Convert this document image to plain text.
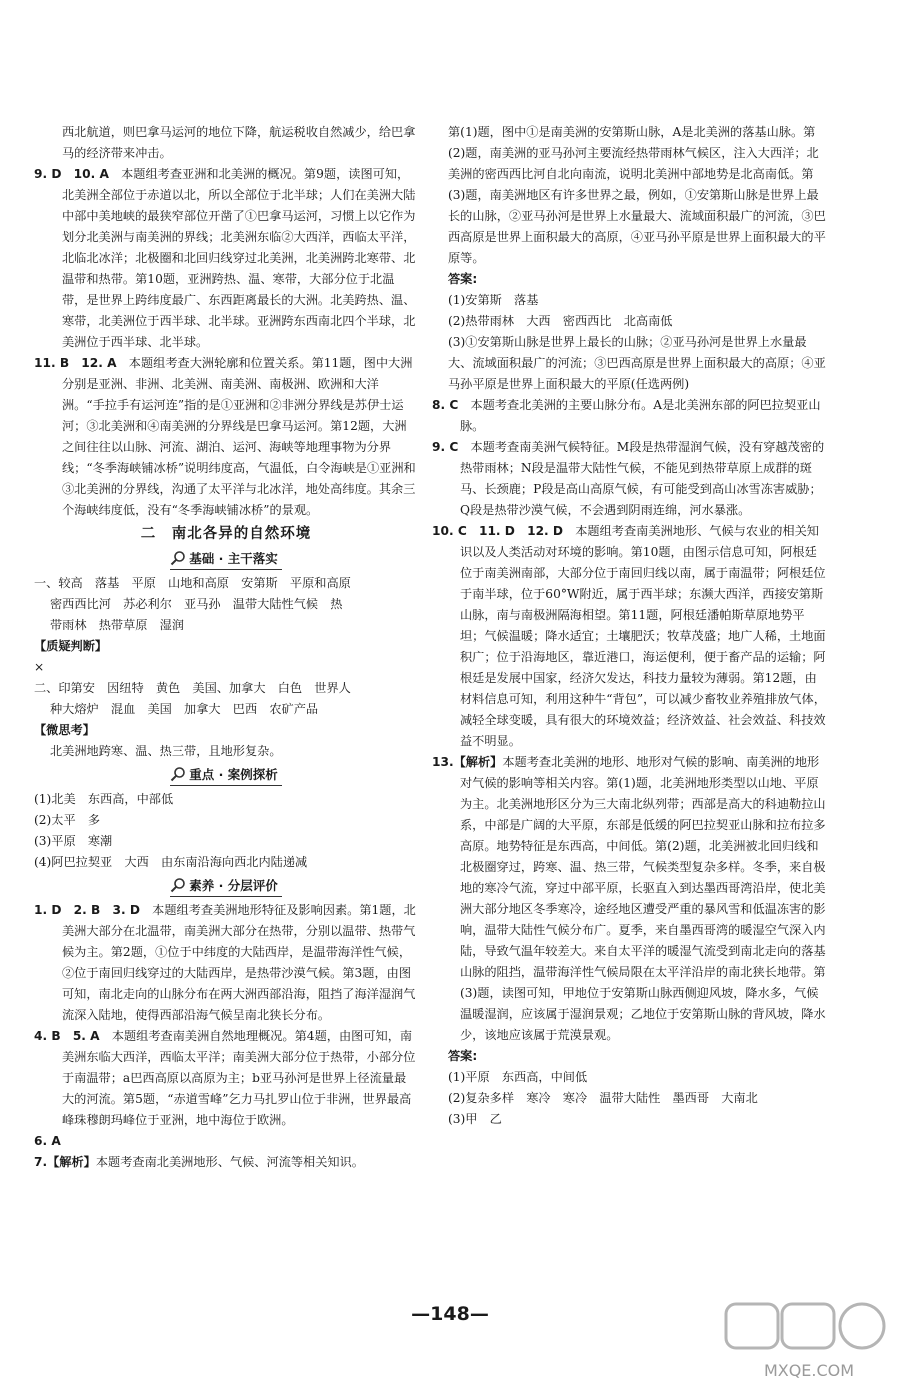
西北航道，则巴拿马运河的地位下降，航运税收自然减少，给巴拿马的经济带来冲击。

9. D　10. A　 本题组考查亚洲和北美洲的概况。第9题，读图可知，北美洲全部位于赤道以北，所以全部位于北半球；人们在美洲大陆中部中美地峡的最狭窄部位开凿了①巴拿马运河，习惯上以它作为划分北美洲与南美洲的界线；北美洲东临②大西洋，西临太平洋，北临北冰洋；北极圈和北回归线穿过北美洲，北美洲跨北寒带、北温带和热带。第10题，亚洲跨热、温、寒带，大部分位于北温带，是世界上跨纬度最广、东西距离最长的大洲。北美跨热、温、寒带，北美洲位于西半球、北半球。亚洲跨东西南北四个半球，北美洲位于西半球、北半球。

11. B　12. A　 本题组考查大洲轮廓和位置关系。第11题，图中大洲分别是亚洲、非洲、北美洲、南美洲、南极洲、欧洲和大洋洲。“手拉手有运河连”指的是①亚洲和②非洲分界线是苏伊士运河；③北美洲和④南美洲的分界线是巴拿马运河。第12题，大洲之间往往以山脉、河流、湖泊、运河、海峡等地理事物为分界线；“冬季海峡铺冰桥”说明纬度高，气温低，白令海峡是①亚洲和③北美洲的分界线，沟通了太平洋与北冰洋，地处高纬度。其余三个海峡纬度低，没有“冬季海峡铺冰桥”的景观。

二　南北各异的自然环境
基础 · 主干落实

一、较高　落基　平原　山地和高原　安第斯　平原和高原

密西西比河　苏必利尔　亚马孙　温带大陆性气候　热

带雨林　热带草原　湿润

【质疑判断】

×

二、印第安　因纽特　黄色　美国、加拿大　白色　世界人

种大熔炉　混血　美国　加拿大　巴西　农矿产品

【微思考】

北美洲地跨寒、温、热三带，且地形复杂。

重点 · 案例探析

(1)北美　东西高，中部低

(2)太平　多

(3)平原　寒潮

(4)阿巴拉契亚　大西　由东南沿海向西北内陆递减

素养 · 分层评价

1. D　2. B　3. D　 本题组考查美洲地形特征及影响因素。第1题，北美洲大部分在北温带，南美洲大部分在热带，分别以温带、热带气候为主。第2题，①位于中纬度的大陆西岸，是温带海洋性气候，②位于南回归线穿过的大陆西岸，是热带沙漠气候。第3题，由图可知，南北走向的山脉分布在两大洲西部沿海，阻挡了海洋湿润气流深入陆地，使得西部沿海气候呈南北狭长分布。

4. B　5. A　 本题组考查南美洲自然地理概况。第4题，由图可知，南美洲东临大西洋，西临太平洋；南美洲大部分位于热带，小部分位于南温带；a巴西高原以高原为主；b亚马孙河是世界上径流量最大的河流。第5题，“赤道雪峰”乞力马扎罗山位于非洲，世界最高峰珠穆朗玛峰位于亚洲，地中海位于欧洲。

6. A

7.【解析】本题考查南北美洲地形、气候、河流等相关知识。

第(1)题，图中①是南美洲的安第斯山脉，A是北美洲的落基山脉。第(2)题，南美洲的亚马孙河主要流经热带雨林气候区，注入大西洋；北美洲的密西西比河自北向南流，说明北美洲中部地势是北高南低。第(3)题，南美洲地区有许多世界之最，例如，①安第斯山脉是世界上最长的山脉，②亚马孙河是世界上水量最大、流域面积最广的河流，③巴西高原是世界上面积最大的高原，④亚马孙平原是世界上面积最大的平原等。

答案:

(1)安第斯　落基

(2)热带雨林　大西　密西西比　北高南低

(3)①安第斯山脉是世界上最长的山脉；②亚马孙河是世界上水量最大、流域面积最广的河流；③巴西高原是世界上面积最大的高原；④亚马孙平原是世界上面积最大的平原(任选两例)

8. C　 本题考查北美洲的主要山脉分布。A是北美洲东部的阿巴拉契亚山脉。

9. C　 本题考查南美洲气候特征。M段是热带湿润气候，没有穿越茂密的热带雨林；N段是温带大陆性气候，不能见到热带草原上成群的斑马、长颈鹿；P段是高山高原气候，有可能受到高山冰雪冻害威胁；Q段是热带沙漠气候，不会遇到阴雨连绵，河水暴涨。

10. C　11. D　12. D　 本题组考查南美洲地形、气候与农业的相关知识以及人类活动对环境的影响。第10题，由图示信息可知，阿根廷位于南美洲南部，大部分位于南回归线以南，属于南温带；阿根廷位于南半球，位于60°W附近，属于西半球；东濒大西洋，西接安第斯山脉，南与南极洲隔海相望。第11题，阿根廷潘帕斯草原地势平坦；气候温暖；降水适宜；土壤肥沃；牧草茂盛；地广人稀，土地面积广；位于沿海地区，靠近港口，海运便利，便于畜产品的运输；阿根廷是发展中国家，经济欠发达，科技力量较为薄弱。第12题，由材料信息可知，利用这种牛“背包”，可以减少畜牧业养殖排放气体，减轻全球变暖，具有很大的环境效益；经济效益、社会效益、科技效益不明显。

13.【解析】本题考查北美洲的地形、地形对气候的影响、南美洲的地形对气候的影响等相关内容。第(1)题，北美洲地形类型以山地、平原为主。北美洲地形区分为三大南北纵列带；西部是高大的科迪勒拉山系，中部是广阔的大平原，东部是低缓的阿巴拉契亚山脉和拉布拉多高原。地势特征是东西高，中间低。第(2)题，北美洲被北回归线和北极圈穿过，跨寒、温、热三带，气候类型复杂多样。冬季，来自极地的寒冷气流，穿过中部平原，长驱直入到达墨西哥湾沿岸，使北美洲大部分地区冬季寒冷，途经地区遭受严重的暴风雪和低温冻害的影响，温带大陆性气候分布广。夏季，来自墨西哥湾的暖湿空气深入内陆，导致气温年较差大。来自太平洋的暖湿气流受到南北走向的落基山脉的阻挡，温带海洋性气候局限在太平洋沿岸的南北狭长地带。第(3)题，读图可知，甲地位于安第斯山脉西侧迎风坡，降水多，气候温暖湿润，应该属于湿润景观；乙地位于安第斯山脉的背风坡，降水少，该地应该属于荒漠景观。

答案:

(1)平原　东西高，中间低

(2)复杂多样　寒冷　寒冷　温带大陆性　墨西哥　大南北

(3)甲　乙

—148—
MXQE.COM
